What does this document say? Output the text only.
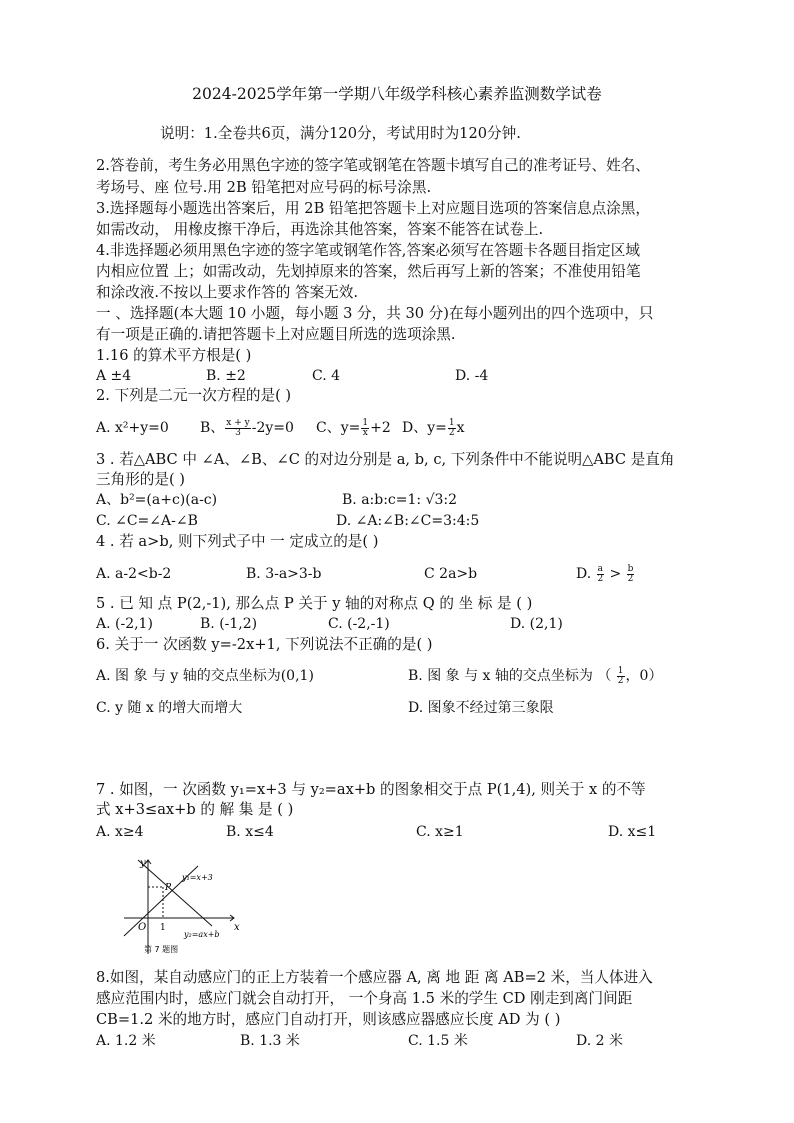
2024-2025学年第一学期八年级学科核心素养监测数学试卷
说明：1.全卷共6页，满分120分，考试用时为120分钟.
2.答卷前，考生务必用黑色字迹的签字笔或钢笔在答题卡填写自己的准考证号、姓名、
考场号、座 位号.用 2B 铅笔把对应号码的标号涂黑.
3.选择题每小题选出答案后，用 2B 铅笔把答题卡上对应题目选项的答案信息点涂黑，
如需改动， 用橡皮擦干净后，再选涂其他答案，答案不能答在试卷上.
4.非选择题必须用黑色字迹的签字笔或钢笔作答,答案必须写在答题卡各题目指定区域
内相应位置 上；如需改动，先划掉原来的答案，然后再写上新的答案；不准使用铅笔
和涂改液.不按以上要求作答的 答案无效.
一 、选择题(本大题 10 小题，每小题 3 分，共 30 分)在每小题列出的四个选项中，只
有一项是正确的.请把答题卡上对应题目所选的选项涂黑.
1.16 的算术平方根是( )
A ±4	B. ±2	C. 4	D. -4
2. 下列是二元一次方程的是( )
A. x²+y=0 B、 $\frac{x + y}{3} -2y=0$ C、$y= \frac{1}{x} +2$ D、$y= \frac{1}{2}$ x
3 . 若△ABC 中 ∠A、∠B、∠C 的对边分别是 a, b, c, 下列条件中不能说明△ABC 是直角
三角形的是( )
A、b²=(a+c)(a-c)	B. a:b:c=1: √3:2
C. ∠C=∠A-∠B	D. ∠A:∠B:∠C=3:4:5
4 . 若 a>b, 则下列式子中 一 定成立的是( )
A. a-2<b-2	B. 3-a>3-b	C 2a>b	D. $\frac{a}{2} > \frac{b}{2}$
5 . 已 知 点 P(2,-1), 那么点 P 关于 y 轴的对称点 Q 的 坐 标 是 ( )
A. (-2,1)	B. (-1,2)	C. (-2,-1)	D. (2,1)
6. 关于一 次函数 y=-2x+1, 下列说法不正确的是( )
A. 图 象 与 y 轴的交点坐标为(0,1)	B. 图 象 与 x 轴的交点坐标为 （ $\frac{1}{2}$ ，0）
C. y 随 x 的增大而增大	D. 图象不经过第三象限
7 . 如图，一 次函数 y₁=x+3 与 y₂=ax+b 的图象相交于点 P(1,4), 则关于 x 的不等
式 x+3≤ax+b 的 解 集 是 ( )
A. x≥4	B. x≤4	C. x≥1	D. x≤1
y
x
O 1
P
y₁=x+3
y₂=ax+b
第 7 题图
8.如图，某自动感应门的正上方装着一个感应器 A, 离 地 距 离 AB=2 米，当人体进入
感应范围内时，感应门就会自动打开， 一个身高 1.5 米的学生 CD 刚走到离门间距
CB=1.2 米的地方时，感应门自动打开，则该感应器感应长度 AD 为 ( )
A. 1.2 米	B. 1.3 米	C. 1.5 米	D. 2 米
